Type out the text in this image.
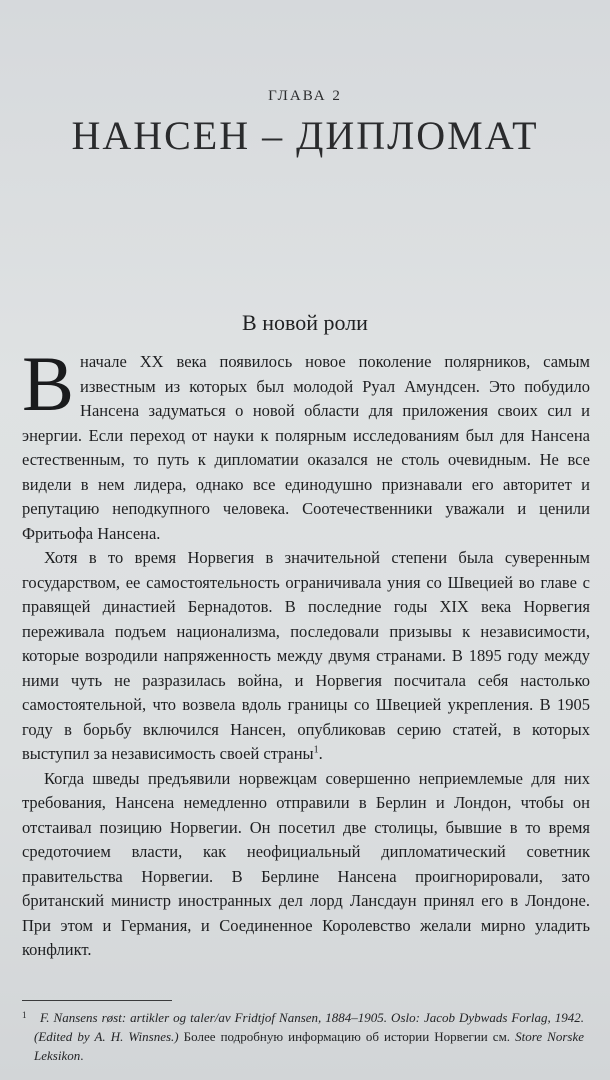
ГЛАВА 2
НАНСЕН – ДИПЛОМАТ
В новой роли

В начале XX века появилось новое поколение полярников, самым известным из которых был молодой Руал Амундсен. Это побудило Нансена задуматься о новой области для приложения своих сил и энергии. Если переход от науки к полярным исследованиям был для Нансена естественным, то путь к дипломатии оказался не столь очевидным. Не все видели в нем лидера, однако все единодушно признавали его авторитет и репутацию неподкупного человека. Соотечественники уважали и ценили Фритьофа Нансена.

Хотя в то время Норвегия в значительной степени была суверенным государством, ее самостоятельность ограничивала уния со Швецией во главе с правящей династией Бернадотов. В последние годы XIX века Норвегия переживала подъем национализма, последовали призывы к независимости, которые возродили напряженность между двумя странами. В 1895 году между ними чуть не разразилась война, и Норвегия посчитала себя настолько самостоятельной, что возвела вдоль границы со Швецией укрепления. В 1905 году в борьбу включился Нансен, опубликовав серию статей, в которых выступил за независимость своей страны$^1$.

Когда шведы предъявили норвежцам совершенно неприемлемые для них требования, Нансена немедленно отправили в Берлин и Лондон, чтобы он отстаивал позицию Норвегии. Он посетил две столицы, бывшие в то время средоточием власти, как неофициальный дипломатический советник правительства Норвегии. В Берлине Нансена проигнорировали, зато британский министр иностранных дел лорд Лансдаун принял его в Лондоне. При этом и Германия, и Соединенное Королевство желали мирно уладить конфликт.

1 F. Nansens røst: artikler og taler/av Fridtjof Nansen, 1884–1905. Oslo: Jacob Dybwads Forlag, 1942. (Edited by A. H. Winsnes.) Более подробную информацию об истории Норвегии см. Store Norske Leksikon.
